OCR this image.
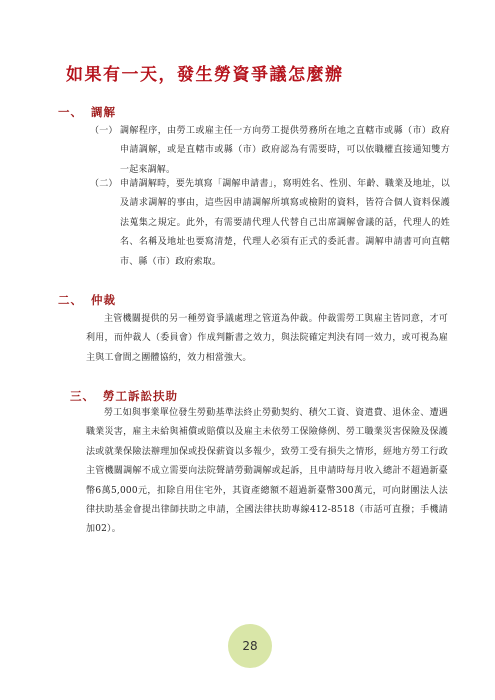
如果有一天，發生勞資爭議怎麼辦
一、 調解
（一） 調解程序，由勞工或雇主任一方向勞工提供勞務所在地之直轄市或縣（市）政府申請調解，或是直轄市或縣（市）政府認為有需要時，可以依職權直接通知雙方一起來調解。
（二） 申請調解時，要先填寫「調解申請書」，寫明姓名、性別、年齡、職業及地址，以及請求調解的事由，這些因申請調解所填寫或檢附的資料，皆符合個人資料保護法蒐集之規定。此外，有需要請代理人代替自己出席調解會議的話，代理人的姓名、名稱及地址也要寫清楚，代理人必須有正式的委託書。調解申請書可向直轄市、縣（市）政府索取。
二、 仲裁
主管機關提供的另一種勞資爭議處理之管道為仲裁。仲裁需勞工與雇主皆同意，才可利用，而仲裁人（委員會）作成判斷書之效力，與法院確定判決有同一效力，或可視為雇主與工會間之團體協約，效力相當強大。
三、 勞工訴訟扶助
勞工如與事業單位發生勞動基準法終止勞動契約、積欠工資、資遣費、退休金、遭遇職業災害，雇主未給與補償或賠償以及雇主未依勞工保險條例、勞工職業災害保險及保護法或就業保險法辦理加保或投保薪資以多報少，致勞工受有損失之情形，經地方勞工行政主管機關調解不成立需要向法院聲請勞動調解或起訴，且申請時每月收入總計不超過新臺幣6萬5,000元，扣除自用住宅外，其資產總額不超過新臺幣300萬元，可向財團法人法律扶助基金會提出律師扶助之申請，全國法律扶助專線412-8518（市話可直撥；手機請加02）。
28
